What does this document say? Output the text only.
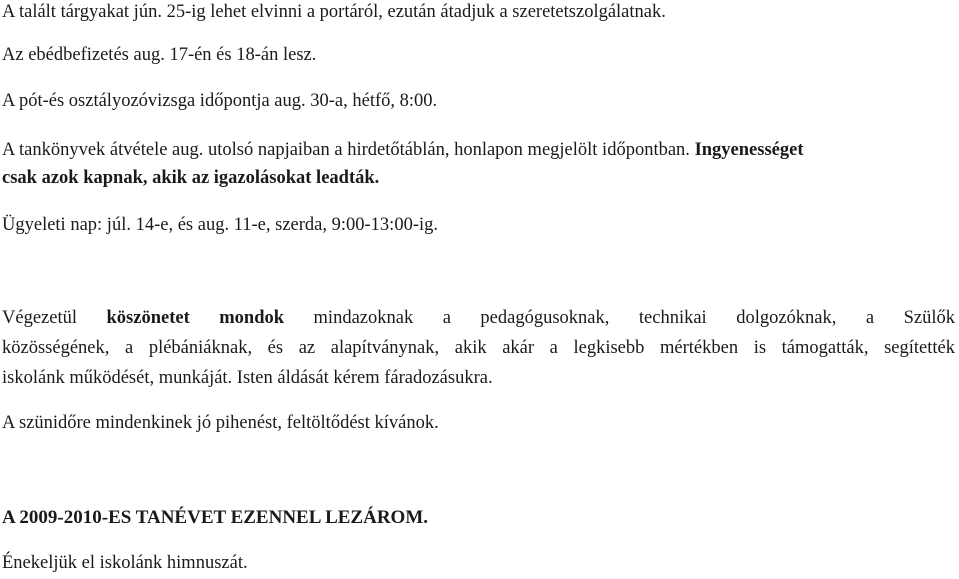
A talált tárgyakat jún. 25-ig lehet elvinni a portáról, ezután átadjuk a szeretetszolgálatnak.

Az ebédbefizetés aug. 17-én és 18-án lesz.

A pót-és osztályozóvizsga időpontja aug. 30-a, hétfő, 8:00.

A tankönyvek átvétele aug. utolsó napjaiban a hirdetőtáblán, honlapon megjelölt időpontban. Ingyenességet

csak azok kapnak, akik az igazolásokat leadták.

Ügyeleti nap: júl. 14-e, és aug. 11-e, szerda, 9:00-13:00-ig.

Végezetül köszönetet mondok mindazoknak a pedagógusoknak, technikai dolgozóknak, a Szülők

közösségének, a plébániáknak, és az alapítványnak, akik akár a legkisebb mértékben is támogatták, segítették

iskolánk működését, munkáját. Isten áldását kérem fáradozásukra.

A szünidőre mindenkinek jó pihenést, feltöltődést kívánok.

A 2009-2010-ES TANÉVET EZENNEL LEZÁROM.

Énekeljük el iskolánk himnuszát.
